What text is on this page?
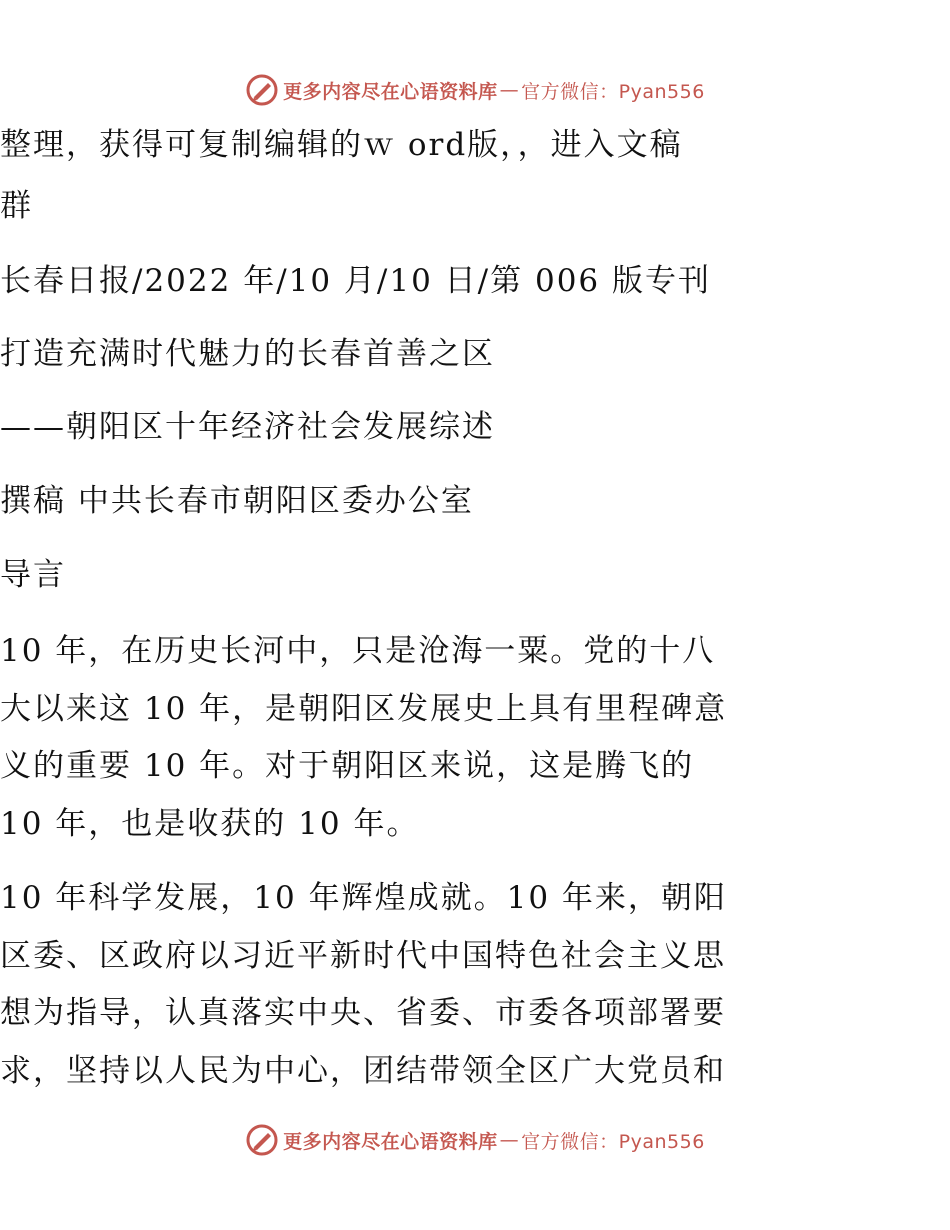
更多内容尽在心语资料库 — 官方微信：Pyan556
整理，获得可复制编辑的ｗ ord版，，进入文稿
群
长春日报/2022 年/10 月/10 日/第 006 版专刊
打造充满时代魅力的长春首善之区
——朝阳区十年经济社会发展综述
撰稿 中共长春市朝阳区委办公室
导言
10 年，在历史长河中，只是沧海一粟。党的十八
大以来这 10 年，是朝阳区发展史上具有里程碑意
义的重要 10 年。对于朝阳区来说，这是腾飞的
10 年，也是收获的 10 年。
10 年科学发展，10 年辉煌成就。10 年来，朝阳
区委、区政府以习近平新时代中国特色社会主义思
想为指导，认真落实中央、省委、市委各项部署要
求，坚持以人民为中心，团结带领全区广大党员和
更多内容尽在心语资料库 — 官方微信：Pyan556
